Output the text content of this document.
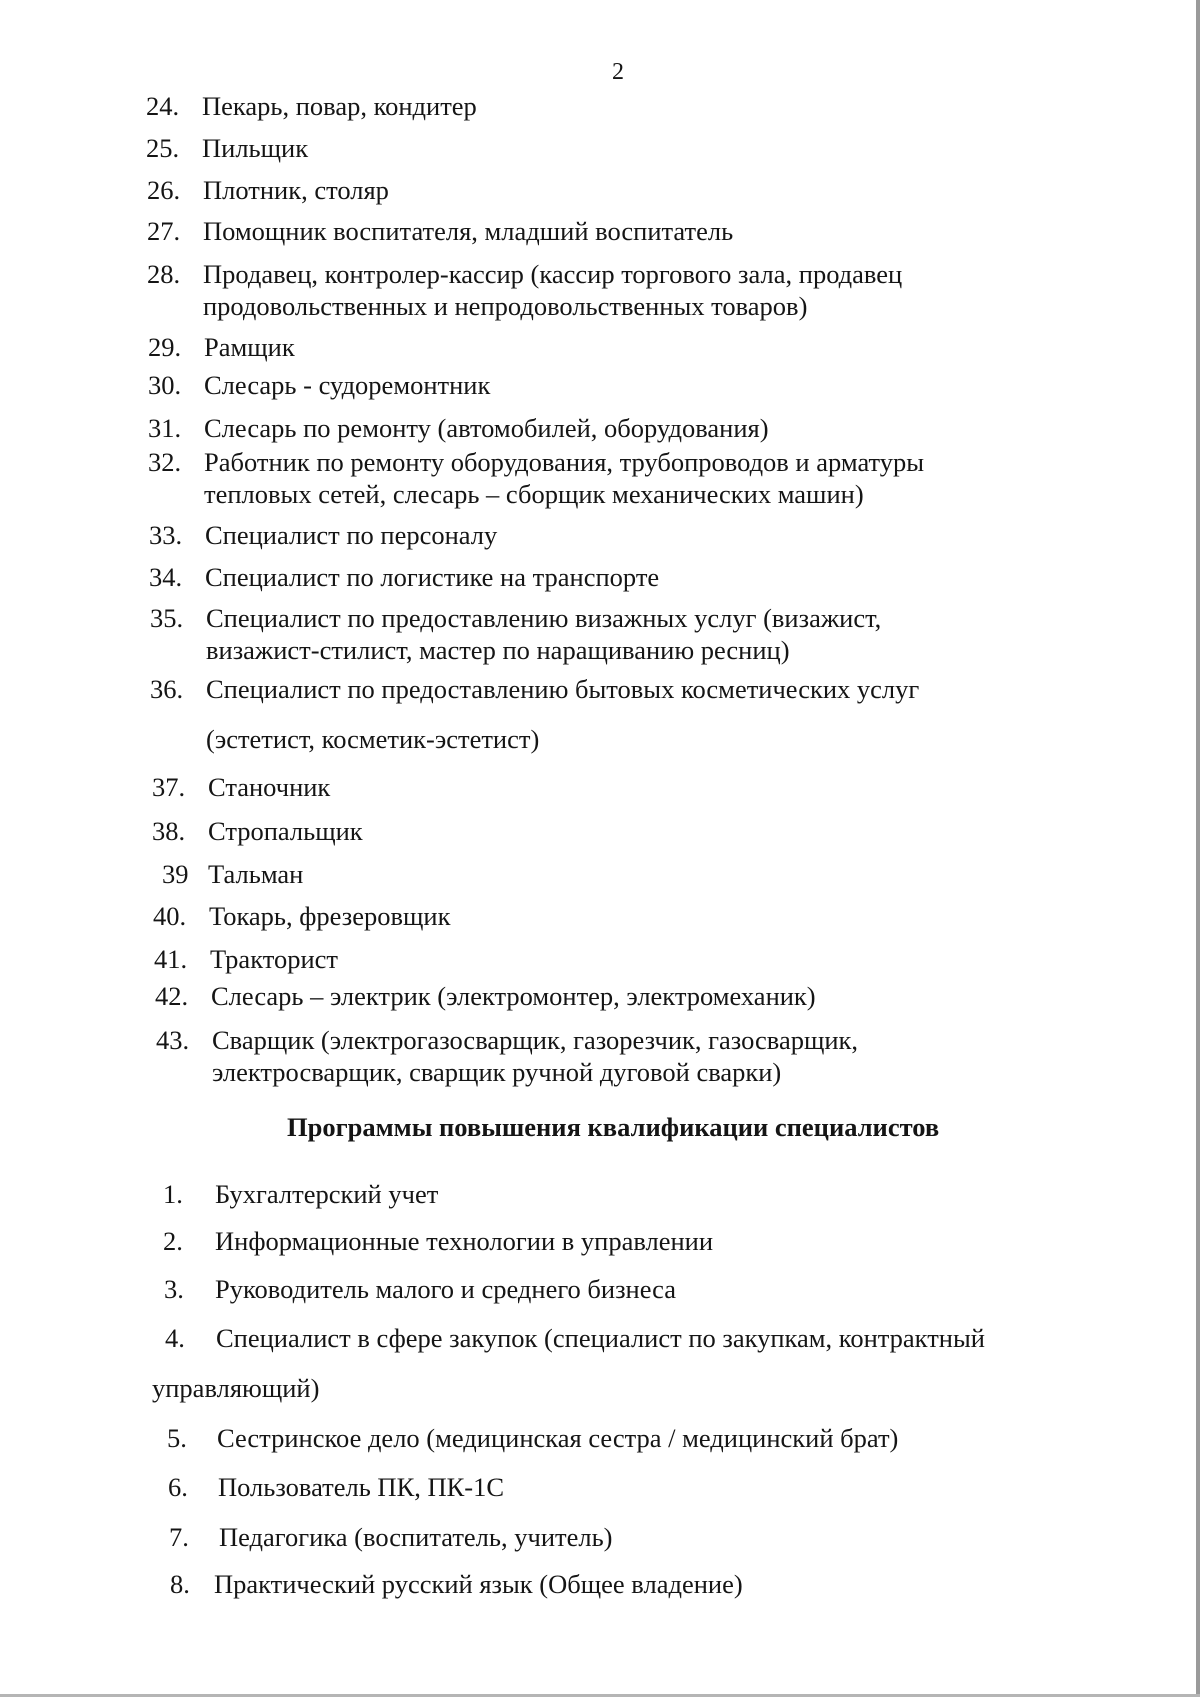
2
24. Пекарь, повар, кондитер
25. Пильщик
26. Плотник, столяр
27. Помощник воспитателя, младший воспитатель
28. Продавец, контролер-кассир (кассир торгового зала, продавец продовольственных и непродовольственных товаров)
29. Рамщик
30. Слесарь - судоремонтник
31. Слесарь по ремонту (автомобилей, оборудования)
32. Работник по ремонту оборудования, трубопроводов и арматуры тепловых сетей, слесарь – сборщик механических машин)
33. Специалист по персоналу
34. Специалист по логистике на транспорте
35. Специалист по предоставлению визажных услуг (визажист, визажист-стилист, мастер по наращиванию ресниц)
36. Специалист по предоставлению бытовых косметических услуг
(эстетист, косметик-эстетист)
37. Станочник
38. Стропальщик
39 Тальман
40. Токарь, фрезеровщик
41. Тракторист
42. Слесарь – электрик (электромонтер, электромеханик)
43. Сварщик (электрогазосварщик, газорезчик, газосварщик, электросварщик, сварщик ручной дуговой сварки)
Программы повышения квалификации специалистов
1. Бухгалтерский учет
2. Информационные технологии в управлении
3. Руководитель малого и среднего бизнеса
4. Специалист в сфере закупок (специалист по закупкам, контрактный
управляющий)
5. Сестринское дело (медицинская сестра / медицинский брат)
6. Пользователь ПК, ПК-1С
7. Педагогика (воспитатель, учитель)
8. Практический русский язык (Общее владение)
